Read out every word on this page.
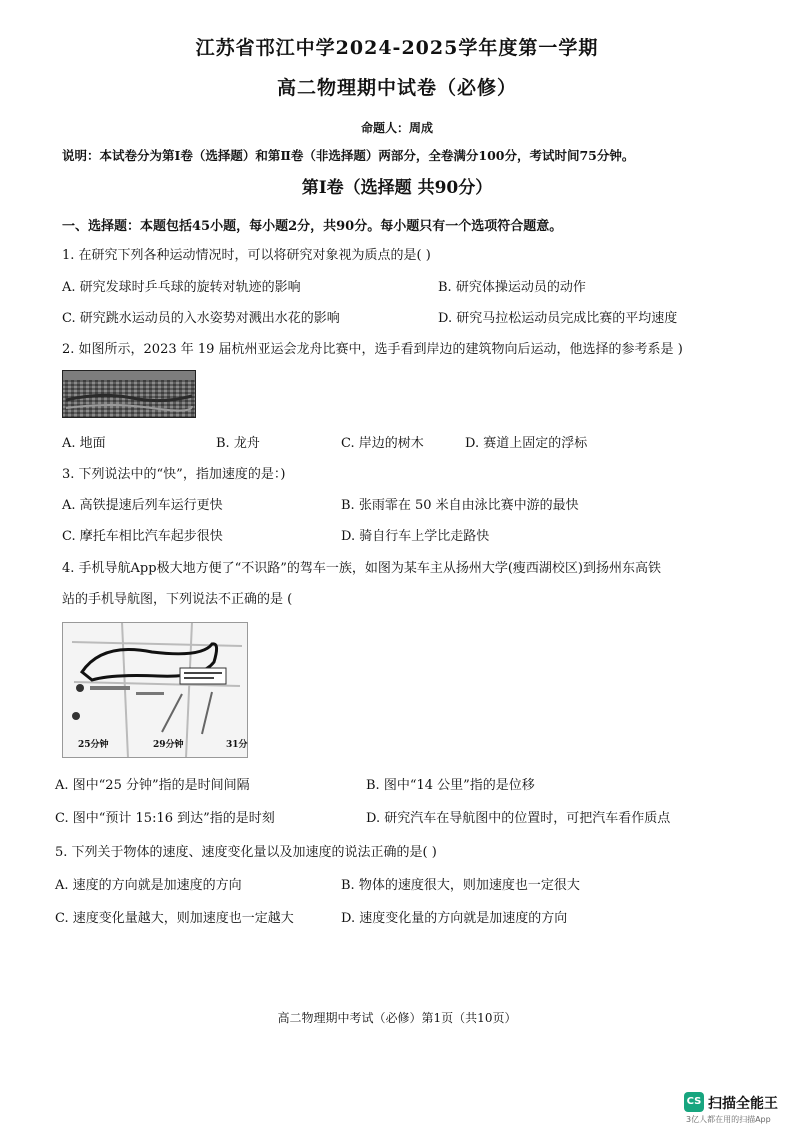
江苏省邗江中学2024-2025学年度第一学期
高二物理期中试卷（必修）
命题人：周成
说明：本试卷分为第Ⅰ卷（选择题）和第Ⅱ卷（非选择题）两部分，全卷满分100分，考试时间75分钟。
第Ⅰ卷（选择题 共90分）
一、选择题：本题包括45小题，每小题2分，共90分。每小题只有一个选项符合题意。
1. 在研究下列各种运动情况时，可以将研究对象视为质点的是( )
A. 研究发球时乒乓球的旋转对轨迹的影响	B. 研究体操运动员的动作
C. 研究跳水运动员的入水姿势对溅出水花的影响	D. 研究马拉松运动员完成比赛的平均速度
2. 如图所示，2023 年 19 届杭州亚运会龙舟比赛中，选手看到岸边的建筑物向后运动，他选择的参考系是 )
A. 地面	B. 龙舟	C. 岸边的树木	D. 赛道上固定的浮标
3. 下列说法中的“快”，指加速度的是：)
A. 高铁提速后列车运行更快	B. 张雨霏在 50 米自由泳比赛中游的最快
C. 摩托车相比汽车起步很快	D. 骑自行车上学比走路快
4. 手机导航App极大地方便了“不识路”的驾车一族，如图为某车主从扬州大学(瘦西湖校区)到扬州东高铁
站的手机导航图，下列说法不正确的是 (
25分钟	29分钟	31分
A. 图中“25 分钟”指的是时间间隔	B. 图中“14 公里”指的是位移
C. 图中“预计 15:16 到达”指的是时刻	D. 研究汽车在导航图中的位置时，可把汽车看作质点
5. 下列关于物体的速度、速度变化量以及加速度的说法正确的是( )
A. 速度的方向就是加速度的方向	B. 物体的速度很大，则加速度也一定很大
C. 速度变化量越大，则加速度也一定越大	D. 速度变化量的方向就是加速度的方向
高二物理期中考试（必修）第1页（共10页）
CS 扫描全能王
3亿人都在用的扫描App
